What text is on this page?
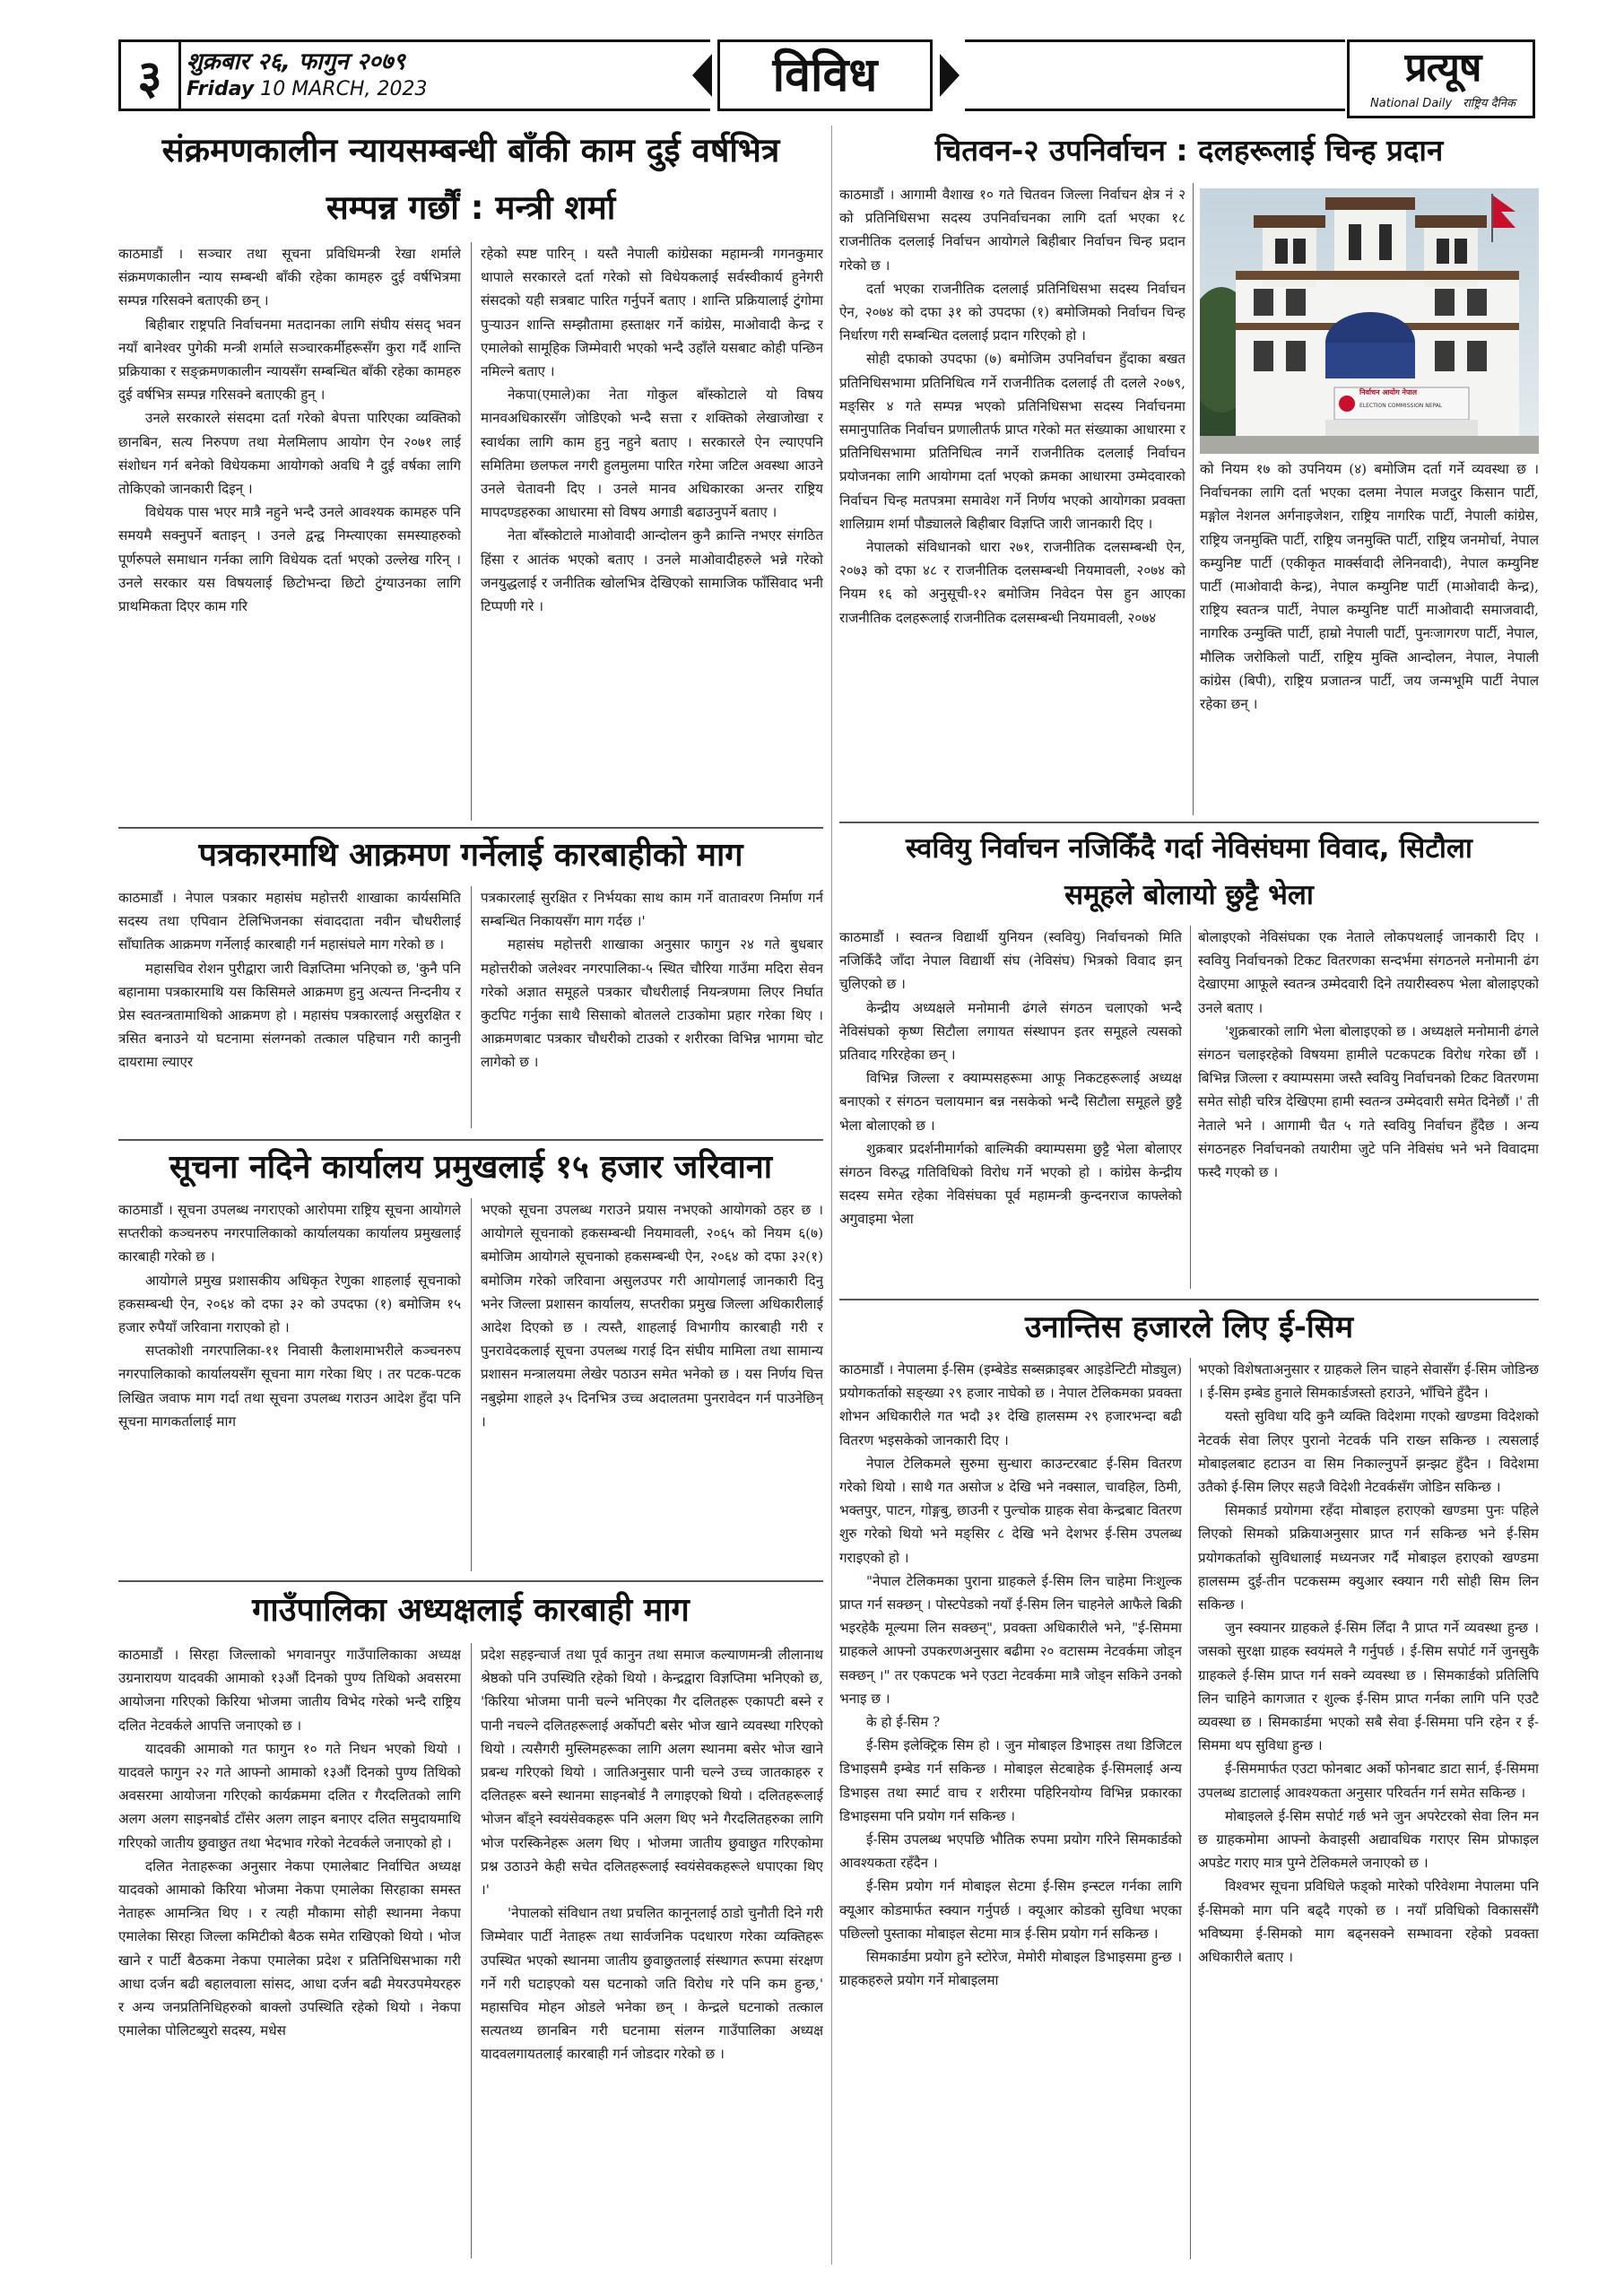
३	शुक्रबार २६, फागुन २०७९
Friday 10 MARCH, 2023	विविध	प्रत्यूष
National Daily राष्ट्रिय दैनिक
संक्रमणकालीन न्यायसम्बन्धी बाँकी काम दुई वर्षभित्र
सम्पन्न गर्छौं : मन्त्री शर्मा

काठमाडौं । सञ्चार तथा सूचना प्रविधिमन्त्री रेखा शर्माले संक्रमणकालीन न्याय सम्बन्धी बाँकी रहेका कामहरु दुई वर्षभित्रमा सम्पन्न गरिसक्ने बताएकी छन् ।

बिहीबार राष्ट्रपति निर्वाचनमा मतदानका लागि संघीय संसद् भवन नयाँ बानेश्वर पुगेकी मन्त्री शर्माले सञ्चारकर्मीहरूसँग कुरा गर्दै शान्ति प्रक्रियाका र सङ्क्रमणकालीन न्यायसँग सम्बन्धित बाँकी रहेका कामहरु दुई वर्षभित्र सम्पन्न गरिसक्ने बताएकी हुन् ।

उनले सरकारले संसदमा दर्ता गरेको बेपत्ता पारिएका व्यक्तिको छानबिन, सत्य निरुपण तथा मेलमिलाप आयोग ऐन २०७१ लाई संशोधन गर्न बनेको विधेयकमा आयोगको अवधि नै दुई वर्षका लागि तोकिएको जानकारी दिइन् ।

विधेयक पास भएर मात्रै नहुने भन्दै उनले आवश्यक कामहरु पनि समयमै सक्नुपर्ने बताइन् । उनले द्वन्द्व निम्त्याएका समस्याहरुको पूर्णरुपले समाधान गर्नका लागि विधेयक दर्ता भएको उल्लेख गरिन् । उनले सरकार यस विषयलाई छिटोभन्दा छिटो टुंग्याउनका लागि प्राथमिकता दिएर काम गरि

रहेको स्पष्ट पारिन् । यस्तै नेपाली कांग्रेसका महामन्त्री गगनकुमार थापाले सरकारले दर्ता गरेको सो विधेयकलाई सर्वस्वीकार्य हुनेगरी संसदको यही सत्रबाट पारित गर्नुपर्ने बताए । शान्ति प्रक्रियालाई टुंगोमा पुऱ्याउन शान्ति सम्झौतामा हस्ताक्षर गर्ने कांग्रेस, माओवादी केन्द्र र एमालेको सामूहिक जिम्मेवारी भएको भन्दै उहाँले यसबाट कोही पन्छिन नमिल्ने बताए ।

नेकपा(एमाले)का नेता गोकुल बाँस्कोटाले यो विषय मानवअधिकारसँग जोडिएको भन्दै सत्ता र शक्तिको लेखाजोखा र स्वार्थका लागि काम हुनु नहुने बताए । सरकारले ऐन ल्याएपनि समितिमा छलफल नगरी हुलमुलमा पारित गरेमा जटिल अवस्था आउने उनले चेतावनी दिए । उनले मानव अधिकारका अन्तर राष्ट्रिय मापदण्डहरुका आधारमा सो विषय अगाडी बढाउनुपर्ने बताए ।

नेता बाँस्कोटाले माओवादी आन्दोलन कुनै क्रान्ति नभएर संगठित हिंसा र आतंक भएको बताए । उनले माओवादीहरुले भन्ने गरेको जनयुद्धलाई र जनीतिक खोलभित्र देखिएको सामाजिक फाँसिवाद भनी टिप्पणी गरे ।

चितवन-२ उपनिर्वाचन : दलहरूलाई चिन्ह प्रदान

काठमाडौं । आगामी वैशाख १० गते चितवन जिल्ला निर्वाचन क्षेत्र नं २ को प्रतिनिधिसभा सदस्य उपनिर्वाचनका लागि दर्ता भएका १८ राजनीतिक दललाई निर्वाचन आयोगले बिहीबार निर्वाचन चिन्ह प्रदान गरेको छ ।

दर्ता भएका राजनीतिक दललाई प्रतिनिधिसभा सदस्य निर्वाचन ऐन, २०७४ को दफा ३१ को उपदफा (१) बमोजिमको निर्वाचन चिन्ह निर्धारण गरी सम्बन्धित दललाई प्रदान गरिएको हो ।

सोही दफाको उपदफा (७) बमोजिम उपनिर्वाचन हुँदाका बखत प्रतिनिधिसभामा प्रतिनिधित्व गर्ने राजनीतिक दललाई ती दलले २०७९, मङ्सिर ४ गते सम्पन्न भएको प्रतिनिधिसभा सदस्य निर्वाचनमा समानुपातिक निर्वाचन प्रणालीतर्फ प्राप्त गरेको मत संख्याका आधारमा र प्रतिनिधिसभामा प्रतिनिधित्व नगर्ने राजनीतिक दललाई निर्वाचन प्रयोजनका लागि आयोगमा दर्ता भएको क्रमका आधारमा उम्मेदवारको निर्वाचन चिन्ह मतपत्रमा समावेश गर्ने निर्णय भएको आयोगका प्रवक्ता शालिग्राम शर्मा पौड्यालले बिहीबार विज्ञप्ति जारी जानकारी दिए ।

नेपालको संविधानको धारा २७१, राजनीतिक दलसम्बन्धी ऐन, २०७३ को दफा ४८ र राजनीतिक दलसम्बन्धी नियमावली, २०७४ को नियम १६ को अनुसूची-१२ बमोजिम निवेदन पेस हुन आएका राजनीतिक दलहरूलाई राजनीतिक दलसम्बन्धी नियमावली, २०७४

निर्वाचन आयोग नेपाल
ELECTION COMMISSION NEPAL

को नियम १७ को उपनियम (४) बमोजिम दर्ता गर्ने व्यवस्था छ । निर्वाचनका लागि दर्ता भएका दलमा नेपाल मजदुर किसान पार्टी, मङ्गोल नेशनल अर्गनाइजेशन, राष्ट्रिय नागरिक पार्टी, नेपाली कांग्रेस, राष्ट्रिय जनमुक्ति पार्टी, राष्ट्रिय जनमुक्ति पार्टी, राष्ट्रिय जनमोर्चा, नेपाल कम्युनिष्ट पार्टी (एकीकृत मार्क्सवादी लेनिनवादी), नेपाल कम्युनिष्ट पार्टी (माओवादी केन्द्र), नेपाल कम्युनिष्ट पार्टी (माओवादी केन्द्र), राष्ट्रिय स्वतन्त्र पार्टी, नेपाल कम्युनिष्ट पार्टी माओवादी समाजवादी, नागरिक उन्मुक्ति पार्टी, हाम्रो नेपाली पार्टी, पुनःजागरण पार्टी, नेपाल, मौलिक जरोकिलो पार्टी, राष्ट्रिय मुक्ति आन्दोलन, नेपाल, नेपाली कांग्रेस (बिपी), राष्ट्रिय प्रजातन्त्र पार्टी, जय जन्मभूमि पार्टी नेपाल रहेका छन् ।

पत्रकारमाथि आक्रमण गर्नेलाई कारबाहीको माग

काठमाडौं । नेपाल पत्रकार महासंघ महोत्तरी शाखाका कार्यसमिति सदस्य तथा एपिवान टेलिभिजनका संवाददाता नवीन चौधरीलाई साँघातिक आक्रमण गर्नेलाई कारबाही गर्न महासंघले माग गरेको छ ।

महासचिव रोशन पुरीद्वारा जारी विज्ञप्तिमा भनिएको छ, 'कुनै पनि बहानामा पत्रकारमाथि यस किसिमले आक्रमण हुनु अत्यन्त निन्दनीय र प्रेस स्वतन्त्रतामाथिको आक्रमण हो । महासंघ पत्रकारलाई असुरक्षित र त्रसित बनाउने यो घटनामा संलग्नको तत्काल पहिचान गरी कानुनी दायरामा ल्याएर

पत्रकारलाई सुरक्षित र निर्भयका साथ काम गर्ने वातावरण निर्माण गर्न सम्बन्धित निकायसँग माग गर्दछ ।'

महासंघ महोत्तरी शाखाका अनुसार फागुन २४ गते बुधबार महोत्तरीको जलेश्वर नगरपालिका-५ स्थित चौरिया गाउँमा मदिरा सेवन गरेको अज्ञात समूहले पत्रकार चौधरीलाई नियन्त्रणमा लिएर निर्घात कुटपिट गर्नुका साथै सिसाको बोतलले टाउकोमा प्रहार गरेका थिए । आक्रमणबाट पत्रकार चौधरीको टाउको र शरीरका विभिन्न भागमा चोट लागेको छ ।

सूचना नदिने कार्यालय प्रमुखलाई १५ हजार जरिवाना

काठमाडौं । सूचना उपलब्ध नगराएको आरोपमा राष्ट्रिय सूचना आयोगले सप्तरीको कञ्चनरुप नगरपालिकाको कार्यालयका कार्यालय प्रमुखलाई कारबाही गरेको छ ।

आयोगले प्रमुख प्रशासकीय अधिकृत रेणुका शाहलाई सूचनाको हकसम्बन्धी ऐन, २०६४ को दफा ३२ को उपदफा (१) बमोजिम १५ हजार रुपैयाँ जरिवाना गराएको हो ।

सप्तकोशी नगरपालिका-११ निवासी कैलाशमाभरीले कञ्चनरुप नगरपालिकाको कार्यालयसँग सूचना माग गरेका थिए । तर पटक-पटक लिखित जवाफ माग गर्दा तथा सूचना उपलब्ध गराउन आदेश हुँदा पनि सूचना मागकर्तालाई माग

भएको सूचना उपलब्ध गराउने प्रयास नभएको आयोगको ठहर छ । आयोगले सूचनाको हकसम्बन्धी नियमावली, २०६५ को नियम ६(७) बमोजिम आयोगले सूचनाको हकसम्बन्धी ऐन, २०६४ को दफा ३२(१) बमोजिम गरेको जरिवाना असुलउपर गरी आयोगलाई जानकारी दिनु भनेर जिल्ला प्रशासन कार्यालय, सप्तरीका प्रमुख जिल्ला अधिकारीलाई आदेश दिएको छ । त्यस्तै, शाहलाई विभागीय कारबाही गरी र पुनरावेदकलाई सूचना उपलब्ध गराई दिन संघीय मामिला तथा सामान्य प्रशासन मन्त्रालयमा लेखेर पठाउन समेत भनेको छ । यस निर्णय चित्त नबुझेमा शाहले ३५ दिनभित्र उच्च अदालतमा पुनरावेदन गर्न पाउनेछिन् ।

गाउँपालिका अध्यक्षलाई कारबाही माग

काठमाडौं । सिरहा जिल्लाको भगवानपुर गाउँपालिकाका अध्यक्ष उग्रनारायण यादवकी आमाको १३औं दिनको पुण्य तिथिको अवसरमा आयोजना गरिएको किरिया भोजमा जातीय विभेद गरेको भन्दै राष्ट्रिय दलित नेटवर्कले आपत्ति जनाएको छ ।

यादवकी आमाको गत फागुन १० गते निधन भएको थियो । यादवले फागुन २२ गते आफ्नो आमाको १३औं दिनको पुण्य तिथिको अवसरमा आयोजना गरिएको कार्यक्रममा दलित र गैरदलितको लागि अलग अलग साइनबोर्ड टाँसेर अलग लाइन बनाएर दलित समुदायमाथि गरिएको जातीय छुवाछुत तथा भेदभाव गरेको नेटवर्कले जनाएको हो ।

दलित नेताहरूका अनुसार नेकपा एमालेबाट निर्वाचित अध्यक्ष यादवको आमाको किरिया भोजमा नेकपा एमालेका सिरहाका समस्त नेताहरू आमन्त्रित थिए । र त्यही मौकामा सोही स्थानमा नेकपा एमालेका सिरहा जिल्ला कमिटीको बैठक समेत राखिएको थियो । भोज खाने र पार्टी बैठकमा नेकपा एमालेका प्रदेश र प्रतिनिधिसभाका गरी आधा दर्जन बढी बहालवाला सांसद, आधा दर्जन बढी मेयरउपमेयरहरु र अन्य जनप्रतिनिधिहरुको बाक्लो उपस्थिति रहेको थियो । नेकपा एमालेका पोलिटब्युरो सदस्य, मधेस

प्रदेश सहइन्चार्ज तथा पूर्व कानुन तथा समाज कल्याणमन्त्री लीलानाथ श्रेष्ठको पनि उपस्थिति रहेको थियो । केन्द्रद्वारा विज्ञप्तिमा भनिएको छ, 'किरिया भोजमा पानी चल्ने भनिएका गैर दलितहरू एकापटी बस्ने र पानी नचल्ने दलितहरूलाई अर्कोपटी बसेर भोज खाने व्यवस्था गरिएको थियो । त्यसैगरी मुस्लिमहरूका लागि अलग स्थानमा बसेर भोज खाने प्रबन्ध गरिएको थियो । जातिअनुसार पानी चल्ने उच्च जातकाहरु र दलितहरू बस्ने स्थानमा साइनबोर्ड नै लगाइएको थियो । दलितहरूलाई भोजन बाँड्ने स्वयंसेवकहरू पनि अलग थिए भने गैरदलितहरुका लागि भोज परस्किनेहरू अलग थिए । भोजमा जातीय छुवाछुत गरिएकोमा प्रश्न उठाउने केही सचेत दलितहरूलाई स्वयंसेवकहरूले धपाएका थिए ।'

'नेपालको संविधान तथा प्रचलित कानूनलाई ठाडो चुनौती दिने गरी जिम्मेवार पार्टी नेताहरू तथा सार्वजनिक पदधारण गरेका व्यक्तिहरू उपस्थित भएको स्थानमा जातीय छुवाछुतलाई संस्थागत रूपमा संरक्षण गर्ने गरी घटाइएको यस घटनाको जति विरोध गरे पनि कम हुन्छ,' महासचिव मोहन ओडले भनेका छन् । केन्द्रले घटनाको तत्काल सत्यतथ्य छानबिन गरी घटनामा संलग्न गाउँपालिका अध्यक्ष यादवलगायतलाई कारबाही गर्न जोडदार गरेको छ ।

स्ववियु निर्वाचन नजिकिँदै गर्दा नेविसंघमा विवाद, सिटौला
समूहले बोलायो छुट्टै भेला

काठमाडौं । स्वतन्त्र विद्यार्थी युनियन (स्ववियु) निर्वाचनको मिति नजिकिँदै जाँदा नेपाल विद्यार्थी संघ (नेविसंघ) भित्रको विवाद झन् चुलिएको छ ।

केन्द्रीय अध्यक्षले मनोमानी ढंगले संगठन चलाएको भन्दै नेविसंघको कृष्ण सिटौला लगायत संस्थापन इतर समूहले त्यसको प्रतिवाद गरिरहेका छन् ।

विभिन्न जिल्ला र क्याम्पसहरूमा आफू निकटहरूलाई अध्यक्ष बनाएको र संगठन चलायमान बन्न नसकेको भन्दै सिटौला समूहले छुट्टै भेला बोलाएको छ ।

शुक्रबार प्रदर्शनीमार्गको बाल्मिकी क्याम्पसमा छुट्टै भेला बोलाएर संगठन विरुद्ध गतिविधिको विरोध गर्ने भएको हो । कांग्रेस केन्द्रीय सदस्य समेत रहेका नेविसंघका पूर्व महामन्त्री कुन्दनराज काफ्लेको अगुवाइमा भेला

बोलाइएको नेविसंघका एक नेताले लोकपथलाई जानकारी दिए । स्ववियु निर्वाचनको टिकट वितरणका सन्दर्भमा संगठनले मनोमानी ढंग देखाएमा आफूले स्वतन्त्र उम्मेदवारी दिने तयारीस्वरुप भेला बोलाइएको उनले बताए ।

'शुक्रबारको लागि भेला बोलाइएको छ । अध्यक्षले मनोमानी ढंगले संगठन चलाइरहेको विषयमा हामीले पटकपटक विरोध गरेका छौं । बिभिन्न जिल्ला र क्याम्पसमा जस्तै स्ववियु निर्वाचनको टिकट वितरणमा समेत सोही चरित्र देखिएमा हामी स्वतन्त्र उम्मेदवारी समेत दिनेछौं ।' ती नेताले भने । आगामी चैत ५ गते स्ववियु निर्वाचन हुँदैछ । अन्य संगठनहरु निर्वाचनको तयारीमा जुटे पनि नेविसंघ भने भने विवादमा फस्दै गएको छ ।

उनान्तिस हजारले लिए ई-सिम

काठमाडौं । नेपालमा ई-सिम (इम्बेडेड सब्सक्राइबर आइडेन्टिटी मोड्युल) प्रयोगकर्ताको सङ्ख्या २९ हजार नाघेको छ । नेपाल टेलिकमका प्रवक्ता शोभन अधिकारीले गत भदौ ३१ देखि हालसम्म २९ हजारभन्दा बढी वितरण भइसकेको जानकारी दिए ।

नेपाल टेलिकमले सुरुमा सुन्धारा काउन्टरबाट ई-सिम वितरण गरेको थियो । साथै गत असोज ४ देखि भने नक्साल, चावहिल, ठिमी, भक्तपुर, पाटन, गोङ्गबु, छाउनी र पुल्चोक ग्राहक सेवा केन्द्रबाट वितरण शुरु गरेको थियो भने मङ्सिर ८ देखि भने देशभर ई-सिम उपलब्ध गराइएको हो ।

"नेपाल टेलिकमका पुराना ग्राहकले ई-सिम लिन चाहेमा निःशुल्क प्राप्त गर्न सक्छन् । पोस्टपेडको नयाँ ई-सिम लिन चाहनेले आफैले बिक्री भइरहेकै मूल्यमा लिन सक्छन्", प्रवक्ता अधिकारीले भने, "ई-सिममा ग्राहकले आफ्नो उपकरणअनुसार बढीमा २० वटासम्म नेटवर्कमा जोड्न सक्छन् ।" तर एकपटक भने एउटा नेटवर्कमा मात्रै जोड्न सकिने उनको भनाइ छ ।

के हो ई-सिम ?

ई-सिम इलेक्ट्रिक सिम हो । जुन मोबाइल डिभाइस तथा डिजिटल डिभाइसमै इम्बेड गर्न सकिन्छ । मोबाइल सेटबाहेक ई-सिमलाई अन्य डिभाइस तथा स्मार्ट वाच र शरीरमा पहिरिनयोग्य विभिन्न प्रकारका डिभाइसमा पनि प्रयोग गर्न सकिन्छ ।

ई-सिम उपलब्ध भएपछि भौतिक रुपमा प्रयोग गरिने सिमकार्डको आवश्यकता रहँदैन ।

ई-सिम प्रयोग गर्न मोबाइल सेटमा ई-सिम इन्स्टल गर्नका लागि क्यूआर कोडमार्फत स्क्यान गर्नुपर्छ । क्यूआर कोडको सुविधा भएका पछिल्लो पुस्ताका मोबाइल सेटमा मात्र ई-सिम प्रयोग गर्न सकिन्छ ।

सिमकार्डमा प्रयोग हुने स्टोरेज, मेमोरी मोबाइल डिभाइसमा हुन्छ । ग्राहकहरुले प्रयोग गर्ने मोबाइलमा

भएको विशेषताअनुसार र ग्राहकले लिन चाहने सेवासँग ई-सिम जोडिन्छ । ई-सिम इम्बेड हुनाले सिमकार्डजस्तो हराउने, भाँचिने हुँदैन ।

यस्तो सुविधा यदि कुनै व्यक्ति विदेशमा गएको खण्डमा विदेशको नेटवर्क सेवा लिएर पुरानो नेटवर्क पनि राख्न सकिन्छ । त्यसलाई मोबाइलबाट हटाउन वा सिम निकाल्नुपर्ने झन्झट हुँदैन । विदेशमा उतैको ई-सिम लिएर सहजै विदेशी नेटवर्कसँग जोडिन सकिन्छ ।

सिमकार्ड प्रयोगमा रहँदा मोबाइल हराएको खण्डमा पुनः पहिले लिएको सिमको प्रक्रियाअनुसार प्राप्त गर्न सकिन्छ भने ई-सिम प्रयोगकर्ताको सुविधालाई मध्यनजर गर्दै मोबाइल हराएको खण्डमा हालसम्म दुई-तीन पटकसम्म क्युआर स्क्यान गरी सोही सिम लिन सकिन्छ ।

जुन स्क्यानर ग्राहकले ई-सिम लिँदा नै प्राप्त गर्ने व्यवस्था हुन्छ । जसको सुरक्षा ग्राहक स्वयंमले नै गर्नुपर्छ । ई-सिम सपोर्ट गर्ने जुनसुकै ग्राहकले ई-सिम प्राप्त गर्न सक्ने व्यवस्था छ । सिमकार्डको प्रतिलिपि लिन चाहिने कागजात र शुल्क ई-सिम प्राप्त गर्नका लागि पनि एउटै व्यवस्था छ । सिमकार्डमा भएको सबै सेवा ई-सिममा पनि रहेन र ई-सिममा थप सुविधा हुन्छ ।

ई-सिममार्फत एउटा फोनबाट अर्को फोनबाट डाटा सार्न, ई-सिममा उपलब्ध डाटालाई आवश्यकता अनुसार परिवर्तन गर्न समेत सकिन्छ ।

मोबाइलले ई-सिम सपोर्ट गर्छ भने जुन अपरेटरको सेवा लिन मन छ ग्राहकमोमा आफ्नो केवाइसी अद्यावधिक गराएर सिम प्रोफाइल अपडेट गराए मात्र पुग्ने टेलिकमले जनाएको छ ।

विश्वभर सूचना प्रविधिले फड्को मारेको परिवेशमा नेपालमा पनि ई-सिमको माग पनि बढ्दै गएको छ । नयाँ प्रविधिको विकाससँगै भविष्यमा ई-सिमको माग बढ्नसक्ने सम्भावना रहेको प्रवक्ता अधिकारीले बताए ।
